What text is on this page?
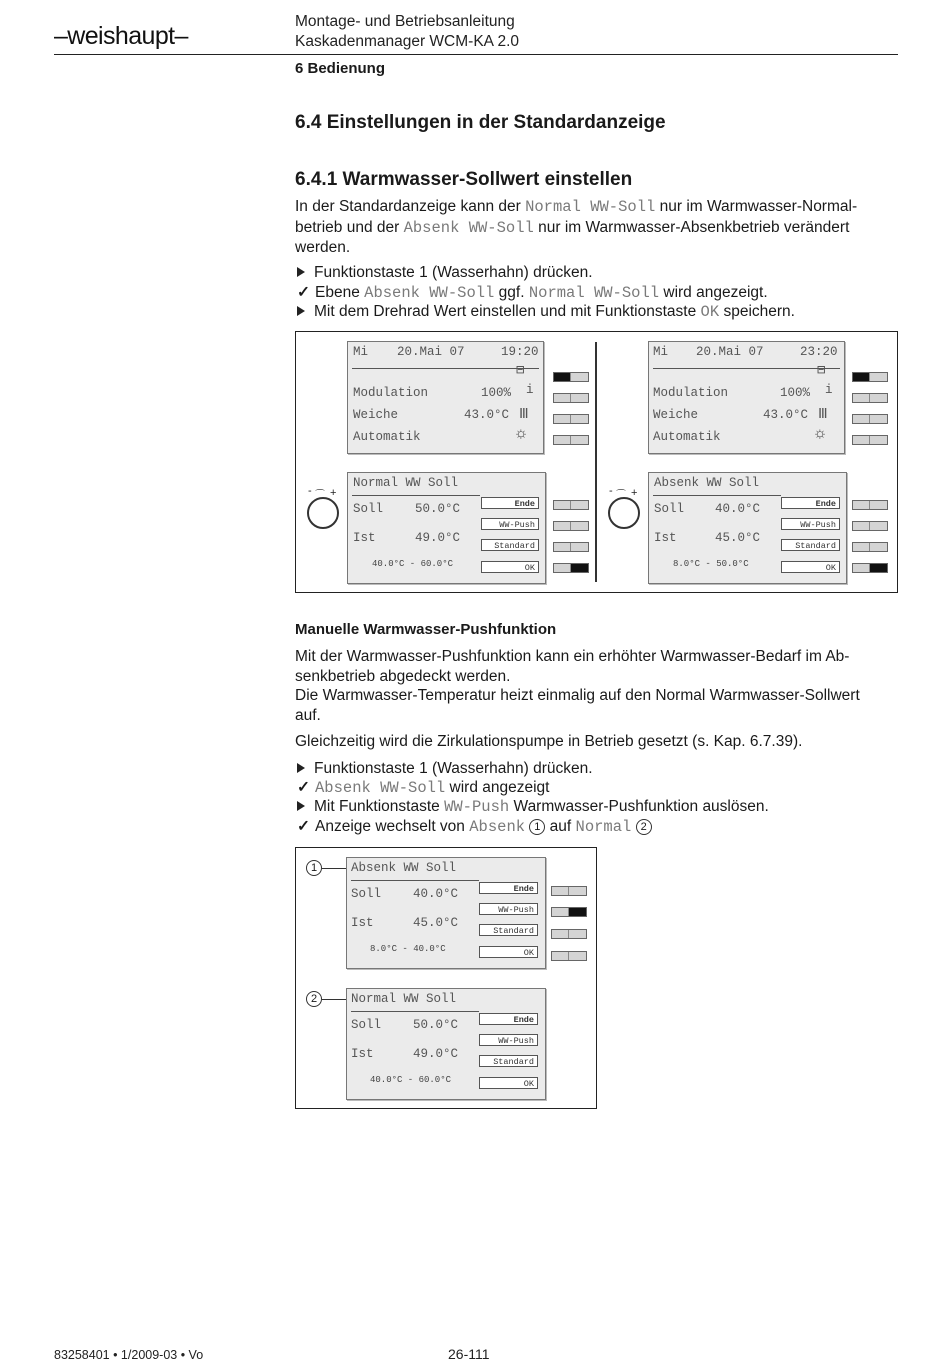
–weishaupt–
Montage- und Betriebsanleitung
Kaskadenmanager WCM-KA 2.0
6 Bedienung
6.4 Einstellungen in der Standardanzeige
6.4.1 Warmwasser-Sollwert einstellen
In der Standardanzeige kann der Normal WW-Soll nur im Warmwasser-Normal-
betrieb und der Absenk WW-Soll nur im Warmwasser-Absenkbetrieb verändert
werden.
Funktionstaste 1 (Wasserhahn) drücken.
✓ Ebene Absenk WW-Soll ggf. Normal WW-Soll wird angezeigt.
Mit dem Drehrad Wert einstellen und mit Funktionstaste OK speichern.
Mi 20.Mai 07	19:20
⊟
Modulation	100% i
Weiche	43.0°C Ⅲ
Automatik	☼
Normal WW Soll
Soll	50.0°C
Ist	49.0°C
40.0°C - 60.0°C
Ende
WW-Push
Standard
OK
- ⌒ +
Mi 20.Mai 07	23:20
⊟
Modulation	100% i
Weiche	43.0°C Ⅲ
Automatik	☼
Absenk WW Soll
Soll 40.0°C
Ist	45.0°C
8.0°C - 50.0°C
Ende
WW-Push
Standard
OK
- ⌒ +
Manuelle Warmwasser-Pushfunktion
Mit der Warmwasser-Pushfunktion kann ein erhöhter Warmwasser-Bedarf im Ab-
senkbetrieb abgedeckt werden.
Die Warmwasser-Temperatur heizt einmalig auf den Normal Warmwasser-Sollwert
auf.
Gleichzeitig wird die Zirkulationspumpe in Betrieb gesetzt (s. Kap. 6.7.39).
Funktionstaste 1 (Wasserhahn) drücken.
✓ Absenk WW-Soll wird angezeigt
Mit Funktionstaste WW-Push Warmwasser-Pushfunktion auslösen.
✓ Anzeige wechselt von Absenk 1 auf Normal 2
1	Absenk WW Soll
Soll	40.0°C
Ist	45.0°C
8.0°C - 40.0°C
Ende
WW-Push
Standard
OK
2	Normal WW Soll
Soll	50.0°C
Ist	49.0°C
40.0°C - 60.0°C
Ende
WW-Push
Standard
OK
83258401 • 1/2009-03 • Vo	26-111
